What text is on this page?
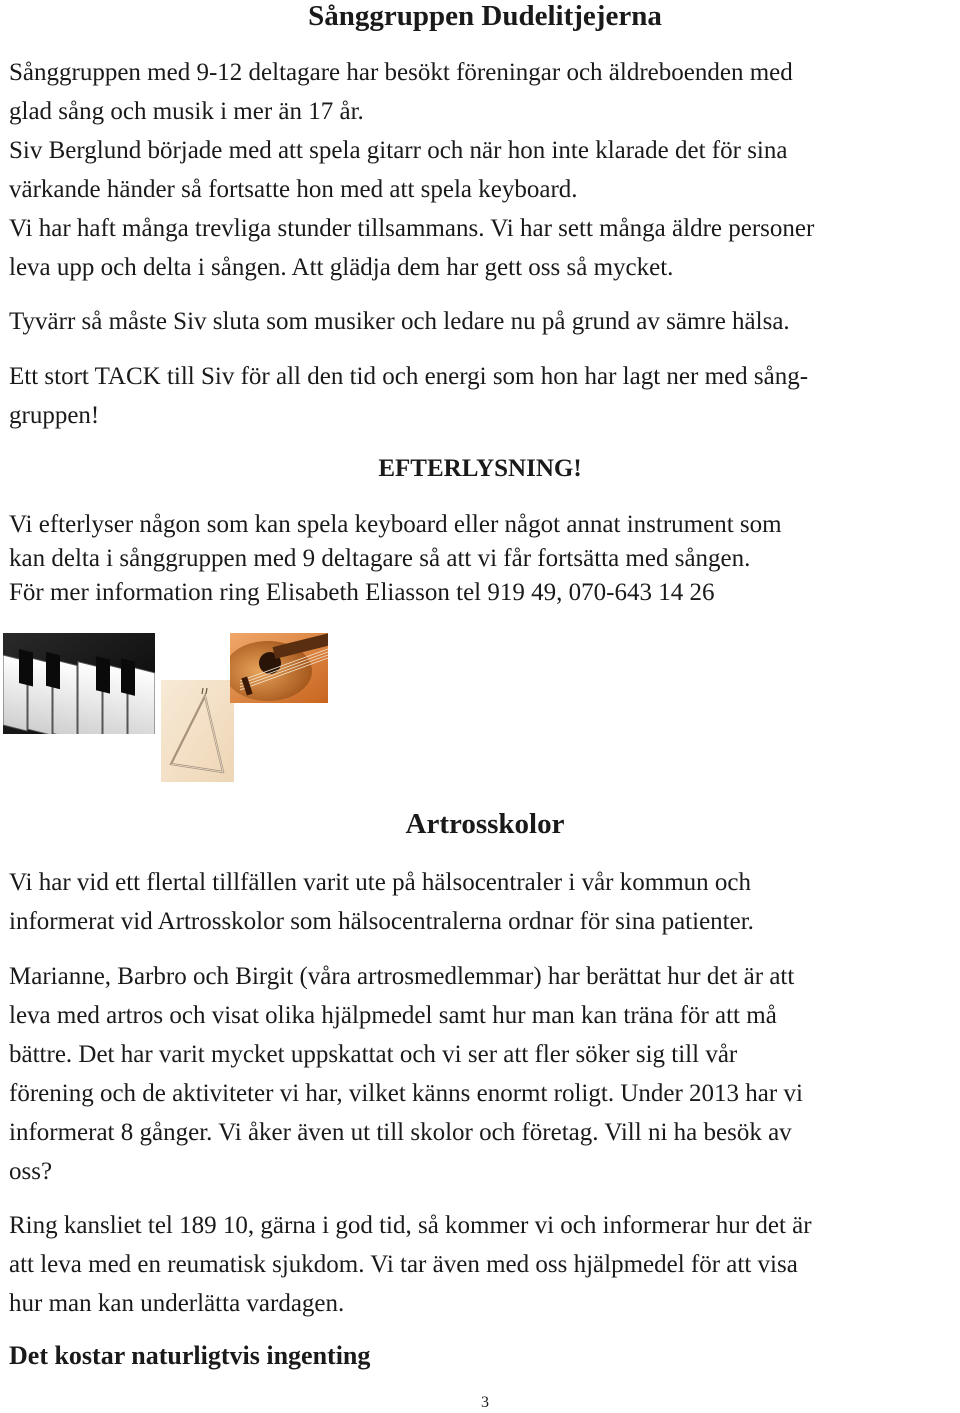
Sånggruppen Dudelitjejerna
Sånggruppen med 9-12 deltagare har besökt föreningar och äldreboenden med
glad sång och musik i mer än 17 år.
Siv Berglund började med att spela gitarr och när hon inte klarade det för sina
värkande händer så fortsatte hon med att spela keyboard.
Vi har haft många trevliga stunder tillsammans. Vi har sett många äldre personer
leva upp och delta i sången. Att glädja dem har gett oss så mycket.
Tyvärr så måste Siv sluta som musiker och ledare nu på grund av sämre hälsa.
Ett stort TACK till Siv för all den tid och energi som hon har lagt ner med sång-
gruppen!

EFTERLYSNING!

Vi efterlyser någon som kan spela keyboard eller något annat instrument som
kan delta i sånggruppen med 9 deltagare så att vi får fortsätta med sången.
För mer information ring Elisabeth Eliasson tel 919 49, 070-643 14 26
Artrosskolor
Vi har vid ett flertal tillfällen varit ute på hälsocentraler i vår kommun och
informerat vid Artrosskolor som hälsocentralerna ordnar för sina patienter.
Marianne, Barbro och Birgit (våra artrosmedlemmar) har berättat hur det är att
leva med artros och visat olika hjälpmedel samt hur man kan träna för att må
bättre. Det har varit mycket uppskattat och vi ser att fler söker sig till vår
förening och de aktiviteter vi har, vilket känns enormt roligt. Under 2013 har vi
informerat 8 gånger. Vi åker även ut till skolor och företag. Vill ni ha besök av
oss?
Ring kansliet tel 189 10, gärna i god tid, så kommer vi och informerar hur det är
att leva med en reumatisk sjukdom. Vi tar även med oss hjälpmedel för att visa
hur man kan underlätta vardagen.

Det kostar naturligtvis ingenting

3
